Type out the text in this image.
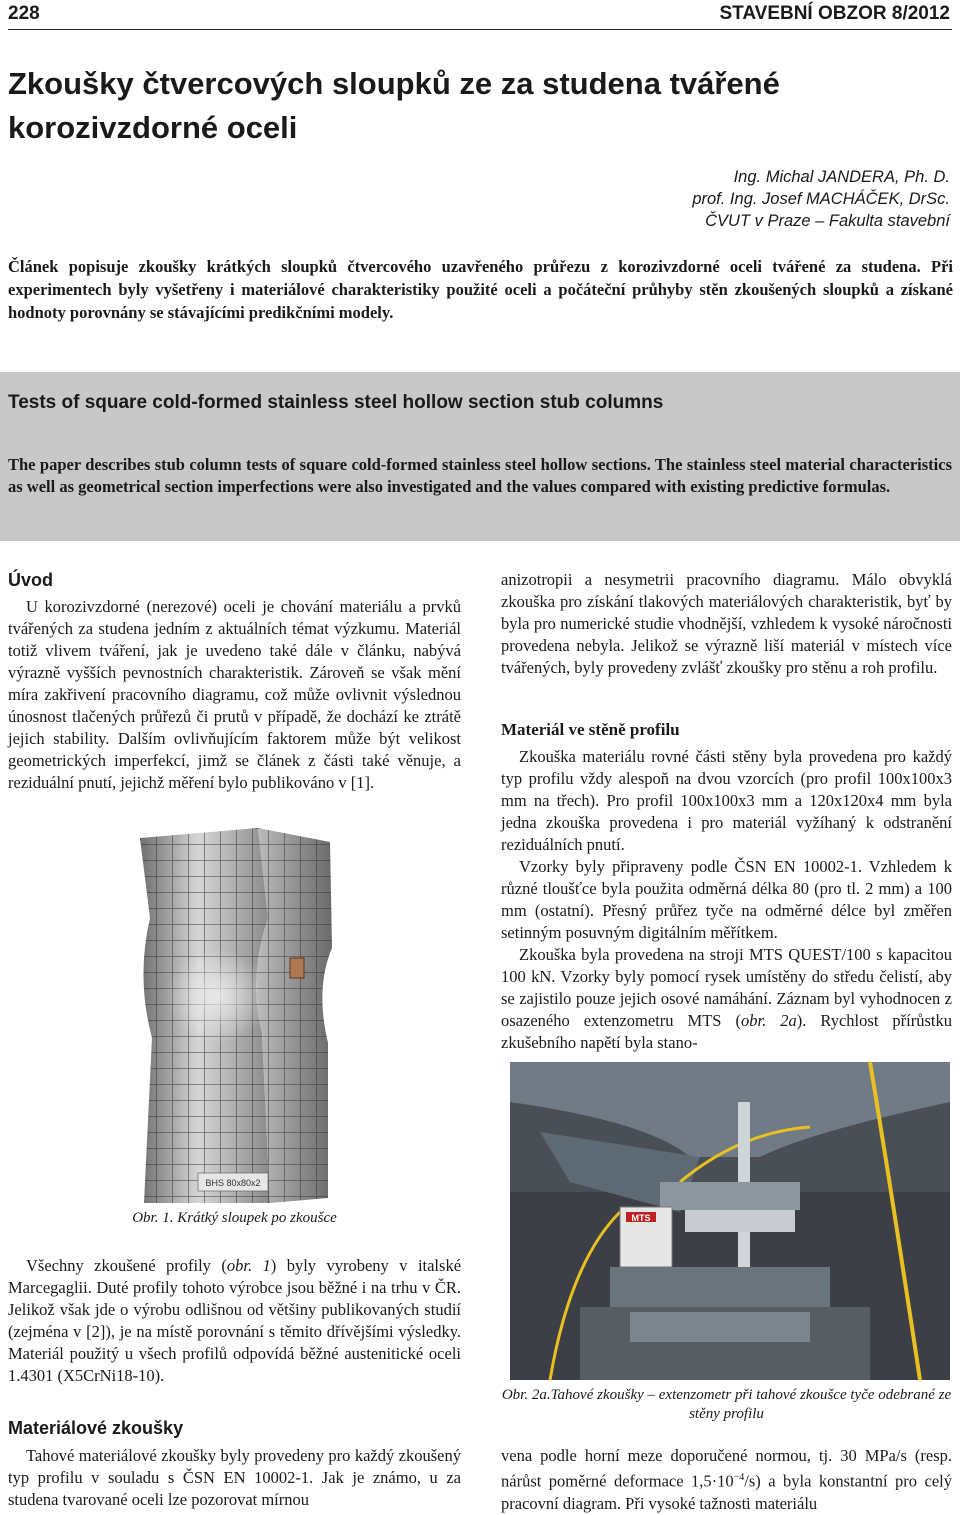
228	STAVEBNÍ OBZOR 8/2012
Zkoušky čtvercových sloupků ze za studena tvářené korozivzdorné oceli
Ing. Michal JANDERA, Ph. D.
prof. Ing. Josef MACHÁČEK, DrSc.
ČVUT v Praze – Fakulta stavební

Článek popisuje zkoušky krátkých sloupků čtvercového uzavřeného průřezu z korozivzdorné oceli tvářené za studena. Při experimentech byly vyšetřeny i materiálové charakteristiky použité oceli a počáteční průhyby stěn zkoušených sloupků a získané hodnoty porovnány se stávajícími predikčními modely.

Tests of square cold-formed stainless steel hollow section stub columns

The paper describes stub column tests of square cold-formed stainless steel hollow sections. The stainless steel material characteristics as well as geometrical section imperfections were also investigated and the values compared with existing predictive formulas.

Úvod

U korozivzdorné (nerezové) oceli je chování materiálu a prvků tvářených za studena jedním z aktuálních témat výzkumu. Materiál totiž vlivem tváření, jak je uvedeno také dále v článku, nabývá výrazně vyšších pevnostních charakteristik. Zároveň se však mění míra zakřivení pracovního diagramu, což může ovlivnit výslednou únosnost tlačených průřezů či prutů v případě, že dochází ke ztrátě jejich stability. Dalším ovlivňujícím faktorem může být velikost geometrických imperfekcí, jimž se článek z části také věnuje, a reziduální pnutí, jejichž měření bylo publikováno v [1].

BHS 80x80x2

Obr. 1. Krátký sloupek po zkoušce

Všechny zkoušené profily (obr. 1) byly vyrobeny v italské Marcegaglii. Duté profily tohoto výrobce jsou běžné i na trhu v ČR. Jelikož však jde o výrobu odlišnou od většiny publikovaných studií (zejména v [2]), je na místě porovnání s těmito dřívějšími výsledky. Materiál použitý u všech profilů odpovídá běžné austenitické oceli 1.4301 (X5CrNi18-10).

Materiálové zkoušky

Tahové materiálové zkoušky byly provedeny pro každý zkoušený typ profilu v souladu s ČSN EN 10002-1. Jak je známo, u za studena tvarované oceli lze pozorovat mírnou

anizotropii a nesymetrii pracovního diagramu. Málo obvyklá zkouška pro získání tlakových materiálových charakteristik, byť by byla pro numerické studie vhodnější, vzhledem k vysoké náročnosti provedena nebyla. Jelikož se výrazně liší materiál v místech více tvářených, byly provedeny zvlášť zkoušky pro stěnu a roh profilu.

Materiál ve stěně profilu

Zkouška materiálu rovné části stěny byla provedena pro každý typ profilu vždy alespoň na dvou vzorcích (pro profil 100x100x3 mm na třech). Pro profil 100x100x3 mm a 120x120x4 mm byla jedna zkouška provedena i pro materiál vyžíhaný k odstranění reziduálních pnutí.

Vzorky byly připraveny podle ČSN EN 10002-1. Vzhledem k různé tloušťce byla použita odměrná délka 80 (pro tl. 2 mm) a 100 mm (ostatní). Přesný průřez tyče na odměrné délce byl změřen setinným posuvným digitálním měřítkem.

Zkouška byla provedena na stroji MTS QUEST/100 s kapacitou 100 kN. Vzorky byly pomocí rysek umístěny do středu čelistí, aby se zajistilo pouze jejich osové namáhání. Záznam byl vyhodnocen z osazeného extenzometru MTS (obr. 2a). Rychlost přírůstku zkušebního napětí byla stano-

MTS

Obr. 2a.Tahové zkoušky – extenzometr při tahové zkoušce tyče odebrané ze stěny profilu

vena podle horní meze doporučené normou, tj. 30 MPa/s (resp. nárůst poměrné deformace $1,5\cdot 10^{-4}/s$) a byla konstantní pro celý pracovní diagram. Při vysoké tažnosti materiálu
